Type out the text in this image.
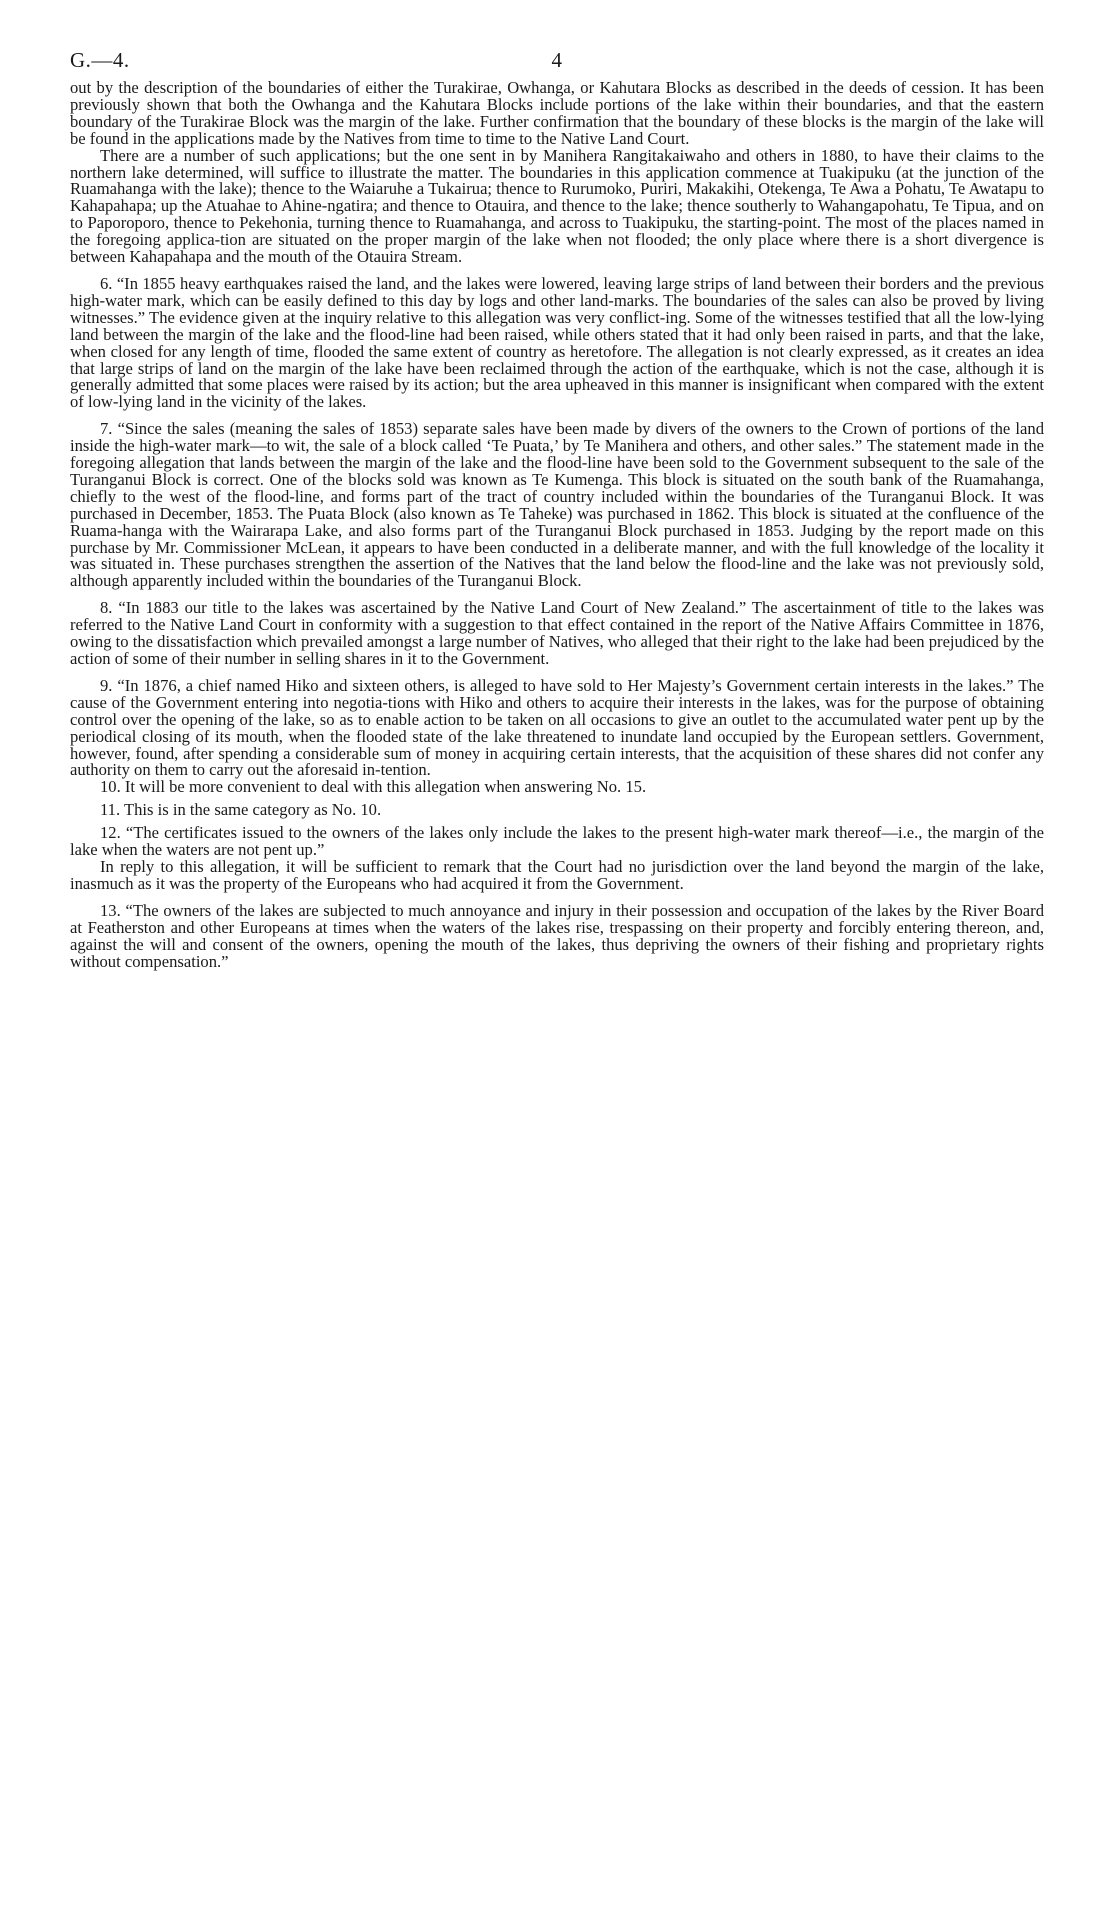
G.—4.	4

out by the description of the boundaries of either the Turakirae, Owhanga, or Kahutara Blocks as described in the deeds of cession. It has been previously shown that both the Owhanga and the Kahutara Blocks include portions of the lake within their boundaries, and that the eastern boundary of the Turakirae Block was the margin of the lake. Further confirmation that the boundary of these blocks is the margin of the lake will be found in the applications made by the Natives from time to time to the Native Land Court.

There are a number of such applications; but the one sent in by Manihera Rangitakaiwaho and others in 1880, to have their claims to the northern lake determined, will suffice to illustrate the matter. The boundaries in this application commence at Tuakipuku (at the junction of the Ruamahanga with the lake); thence to the Waiaruhe a Tukairua; thence to Rurumoko, Puriri, Makakihi, Otekenga, Te Awa a Pohatu, Te Awatapu to Kahapahapa; up the Atuahae to Ahine-ngatira; and thence to Otauira, and thence to the lake; thence southerly to Wahangapohatu, Te Tipua, and on to Paporoporo, thence to Pekehonia, turning thence to Ruamahanga, and across to Tuakipuku, the starting-point. The most of the places named in the foregoing applica-tion are situated on the proper margin of the lake when not flooded; the only place where there is a short divergence is between Kahapahapa and the mouth of the Otauira Stream.

6. “In 1855 heavy earthquakes raised the land, and the lakes were lowered, leaving large strips of land between their borders and the previous high-water mark, which can be easily defined to this day by logs and other land-marks. The boundaries of the sales can also be proved by living witnesses.” The evidence given at the inquiry relative to this allegation was very conflict-ing. Some of the witnesses testified that all the low-lying land between the margin of the lake and the flood-line had been raised, while others stated that it had only been raised in parts, and that the lake, when closed for any length of time, flooded the same extent of country as heretofore. The allegation is not clearly expressed, as it creates an idea that large strips of land on the margin of the lake have been reclaimed through the action of the earthquake, which is not the case, although it is generally admitted that some places were raised by its action; but the area upheaved in this manner is insignificant when compared with the extent of low-lying land in the vicinity of the lakes.

7. “Since the sales (meaning the sales of 1853) separate sales have been made by divers of the owners to the Crown of portions of the land inside the high-water mark—to wit, the sale of a block called ‘Te Puata,’ by Te Manihera and others, and other sales.” The statement made in the foregoing allegation that lands between the margin of the lake and the flood-line have been sold to the Government subsequent to the sale of the Turanganui Block is correct. One of the blocks sold was known as Te Kumenga. This block is situated on the south bank of the Ruamahanga, chiefly to the west of the flood-line, and forms part of the tract of country included within the boundaries of the Turanganui Block. It was purchased in December, 1853. The Puata Block (also known as Te Taheke) was purchased in 1862. This block is situated at the confluence of the Ruama-hanga with the Wairarapa Lake, and also forms part of the Turanganui Block purchased in 1853. Judging by the report made on this purchase by Mr. Commissioner McLean, it appears to have been conducted in a deliberate manner, and with the full knowledge of the locality it was situated in. These purchases strengthen the assertion of the Natives that the land below the flood-line and the lake was not previously sold, although apparently included within the boundaries of the Turanganui Block.

8. “In 1883 our title to the lakes was ascertained by the Native Land Court of New Zealand.” The ascertainment of title to the lakes was referred to the Native Land Court in conformity with a suggestion to that effect contained in the report of the Native Affairs Committee in 1876, owing to the dissatisfaction which prevailed amongst a large number of Natives, who alleged that their right to the lake had been prejudiced by the action of some of their number in selling shares in it to the Government.

9. “In 1876, a chief named Hiko and sixteen others, is alleged to have sold to Her Majesty’s Government certain interests in the lakes.” The cause of the Government entering into negotia-tions with Hiko and others to acquire their interests in the lakes, was for the purpose of obtaining control over the opening of the lake, so as to enable action to be taken on all occasions to give an outlet to the accumulated water pent up by the periodical closing of its mouth, when the flooded state of the lake threatened to inundate land occupied by the European settlers. Government, however, found, after spending a considerable sum of money in acquiring certain interests, that the acquisition of these shares did not confer any authority on them to carry out the aforesaid in-tention.

10. It will be more convenient to deal with this allegation when answering No. 15.

11. This is in the same category as No. 10.

12. “The certificates issued to the owners of the lakes only include the lakes to the present high-water mark thereof—i.e., the margin of the lake when the waters are not pent up.”

In reply to this allegation, it will be sufficient to remark that the Court had no jurisdiction over the land beyond the margin of the lake, inasmuch as it was the property of the Europeans who had acquired it from the Government.

13. “The owners of the lakes are subjected to much annoyance and injury in their possession and occupation of the lakes by the River Board at Featherston and other Europeans at times when the waters of the lakes rise, trespassing on their property and forcibly entering thereon, and, against the will and consent of the owners, opening the mouth of the lakes, thus depriving the owners of their fishing and proprietary rights without compensation.”
